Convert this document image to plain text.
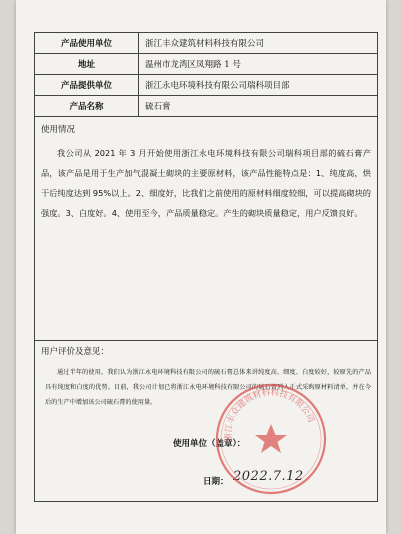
产品使用单位	浙江丰众建筑材料科技有限公司
地址	温州市龙湾区凤翔路 1 号
产品提供单位	浙江永电环境科技有限公司瑞科项目部
产品名称	硫石膏
使用情况
我公司从 2021 年 3 月开始使用浙江永电环境科技有限公司瑞科项目部的硫石膏产品，该产品是用于生产加气混凝土砌块的主要原材料，该产品性能特点是：1、纯度高，烘干后纯度达到 95%以上。2、细度好，比我们之前使用的原材料细度较细，可以提高砌块的强度。3、白度好。4、使用至今，产品质量稳定。产生的砌块质量稳定，用户反馈良好。
用户评价及意见：
通过半年的使用，我们认为浙江永电环境科技有限公司的硫石膏总体来讲纯度高、细度、白度较好，较原先的产品具有纯度和白度的优势。目前，我公司计划已将浙江永电环境科技有限公司的硫石膏列入正式采购原材料清单，并在今后的生产中增加该公司硫石膏的使用量。
使用单位（盖章）：
日期： 2022.7.12
浙江丰众建筑材料科技有限公司
